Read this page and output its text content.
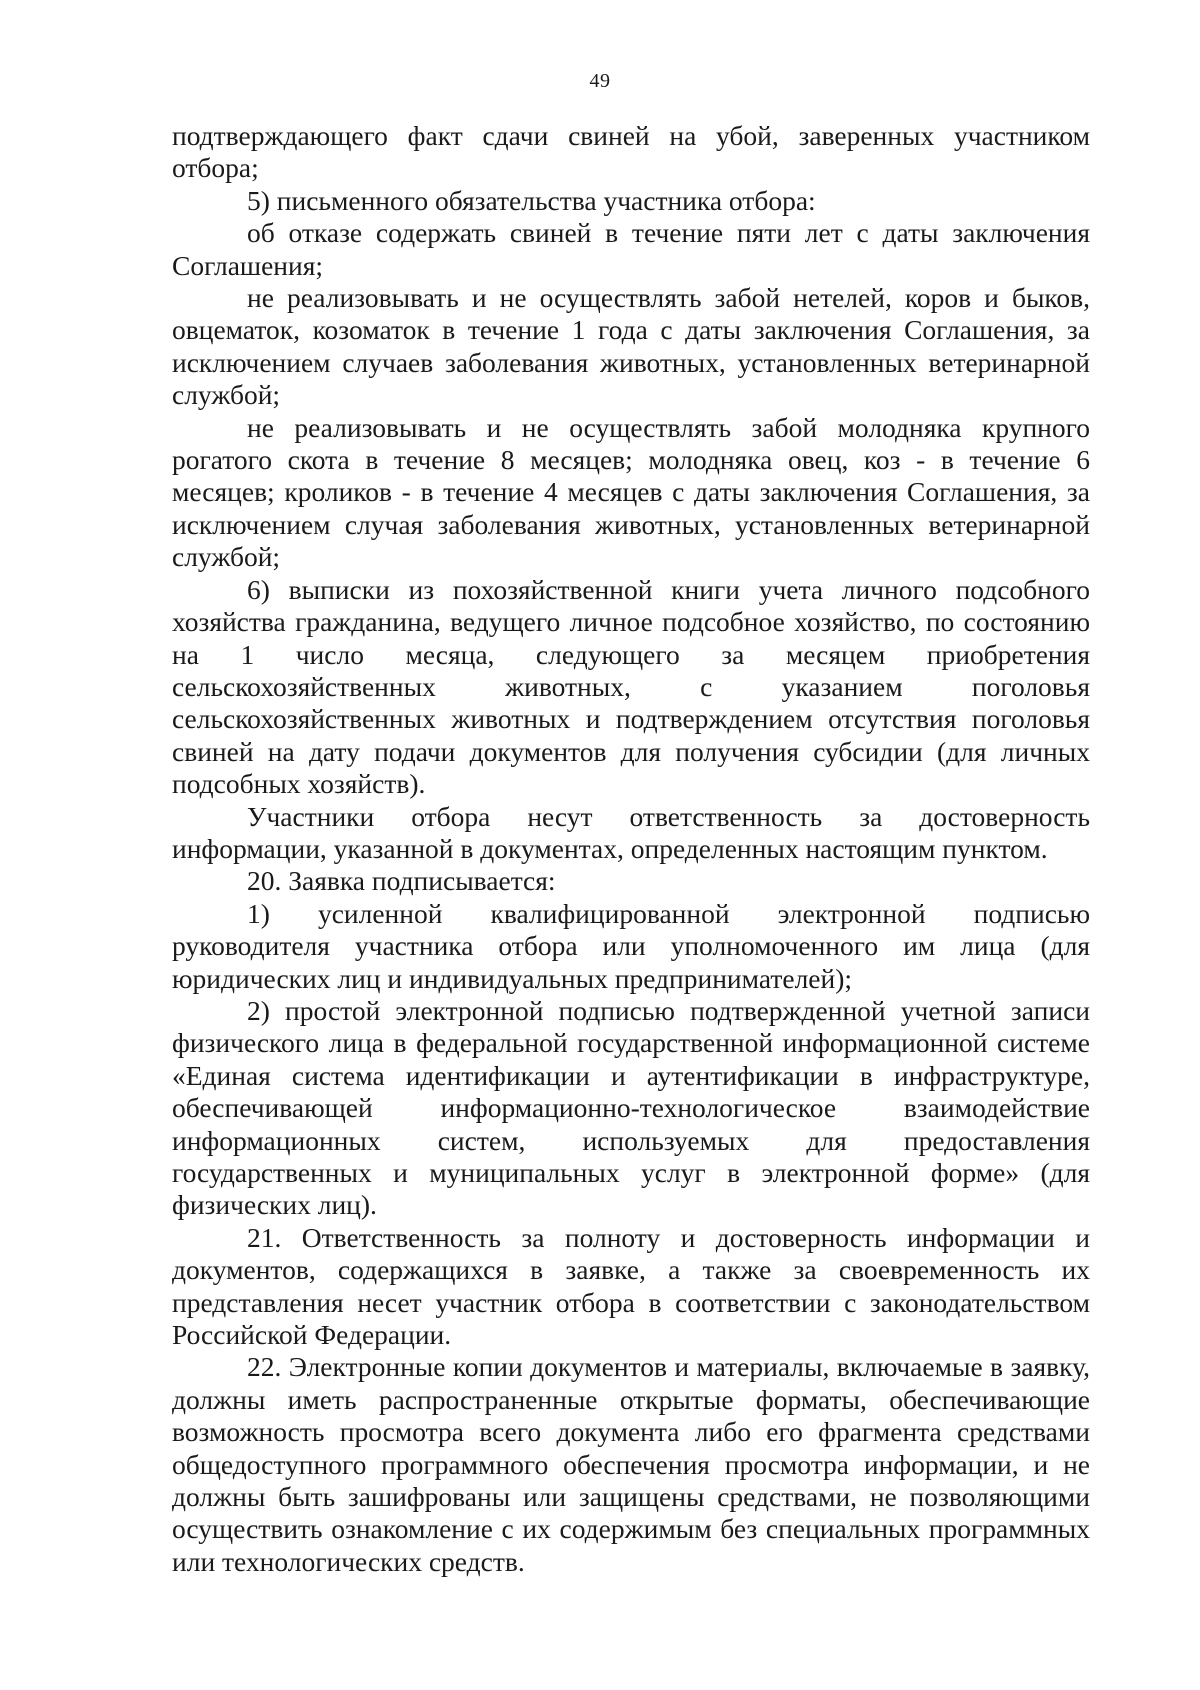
49

подтверждающего факт сдачи свиней на убой, заверенных участником отбора;

5) письменного обязательства участника отбора:

об отказе содержать свиней в течение пяти лет с даты заключения Соглашения;

не реализовывать и не осуществлять забой нетелей, коров и быков, овцематок, козоматок в течение 1 года с даты заключения Соглашения, за исключением случаев заболевания животных, установленных ветеринарной службой;

не реализовывать и не осуществлять забой молодняка крупного рогатого скота в течение 8 месяцев; молодняка овец, коз - в течение 6 месяцев; кроликов - в течение 4 месяцев с даты заключения Соглашения, за исключением случая заболевания животных, установленных ветеринарной службой;

6) выписки из похозяйственной книги учета личного подсобного хозяйства гражданина, ведущего личное подсобное хозяйство, по состоянию на 1 число месяца, следующего за месяцем приобретения сельскохозяйственных животных, с указанием поголовья сельскохозяйственных животных и подтверждением отсутствия поголовья свиней на дату подачи документов для получения субсидии (для личных подсобных хозяйств).

Участники отбора несут ответственность за достоверность информации, указанной в документах, определенных настоящим пунктом.

20. Заявка подписывается:

1) усиленной квалифицированной электронной подписью руководителя участника отбора или уполномоченного им лица (для юридических лиц и индивидуальных предпринимателей);

2) простой электронной подписью подтвержденной учетной записи физического лица в федеральной государственной информационной системе «Единая система идентификации и аутентификации в инфраструктуре, обеспечивающей информационно-технологическое взаимодействие информационных систем, используемых для предоставления государственных и муниципальных услуг в электронной форме» (для физических лиц).

21. Ответственность за полноту и достоверность информации и документов, содержащихся в заявке, а также за своевременность их представления несет участник отбора в соответствии с законодательством Российской Федерации.

22. Электронные копии документов и материалы, включаемые в заявку, должны иметь распространенные открытые форматы, обеспечивающие возможность просмотра всего документа либо его фрагмента средствами общедоступного программного обеспечения просмотра информации, и не должны быть зашифрованы или защищены средствами, не позволяющими осуществить ознакомление с их содержимым без специальных программных или технологических средств.
